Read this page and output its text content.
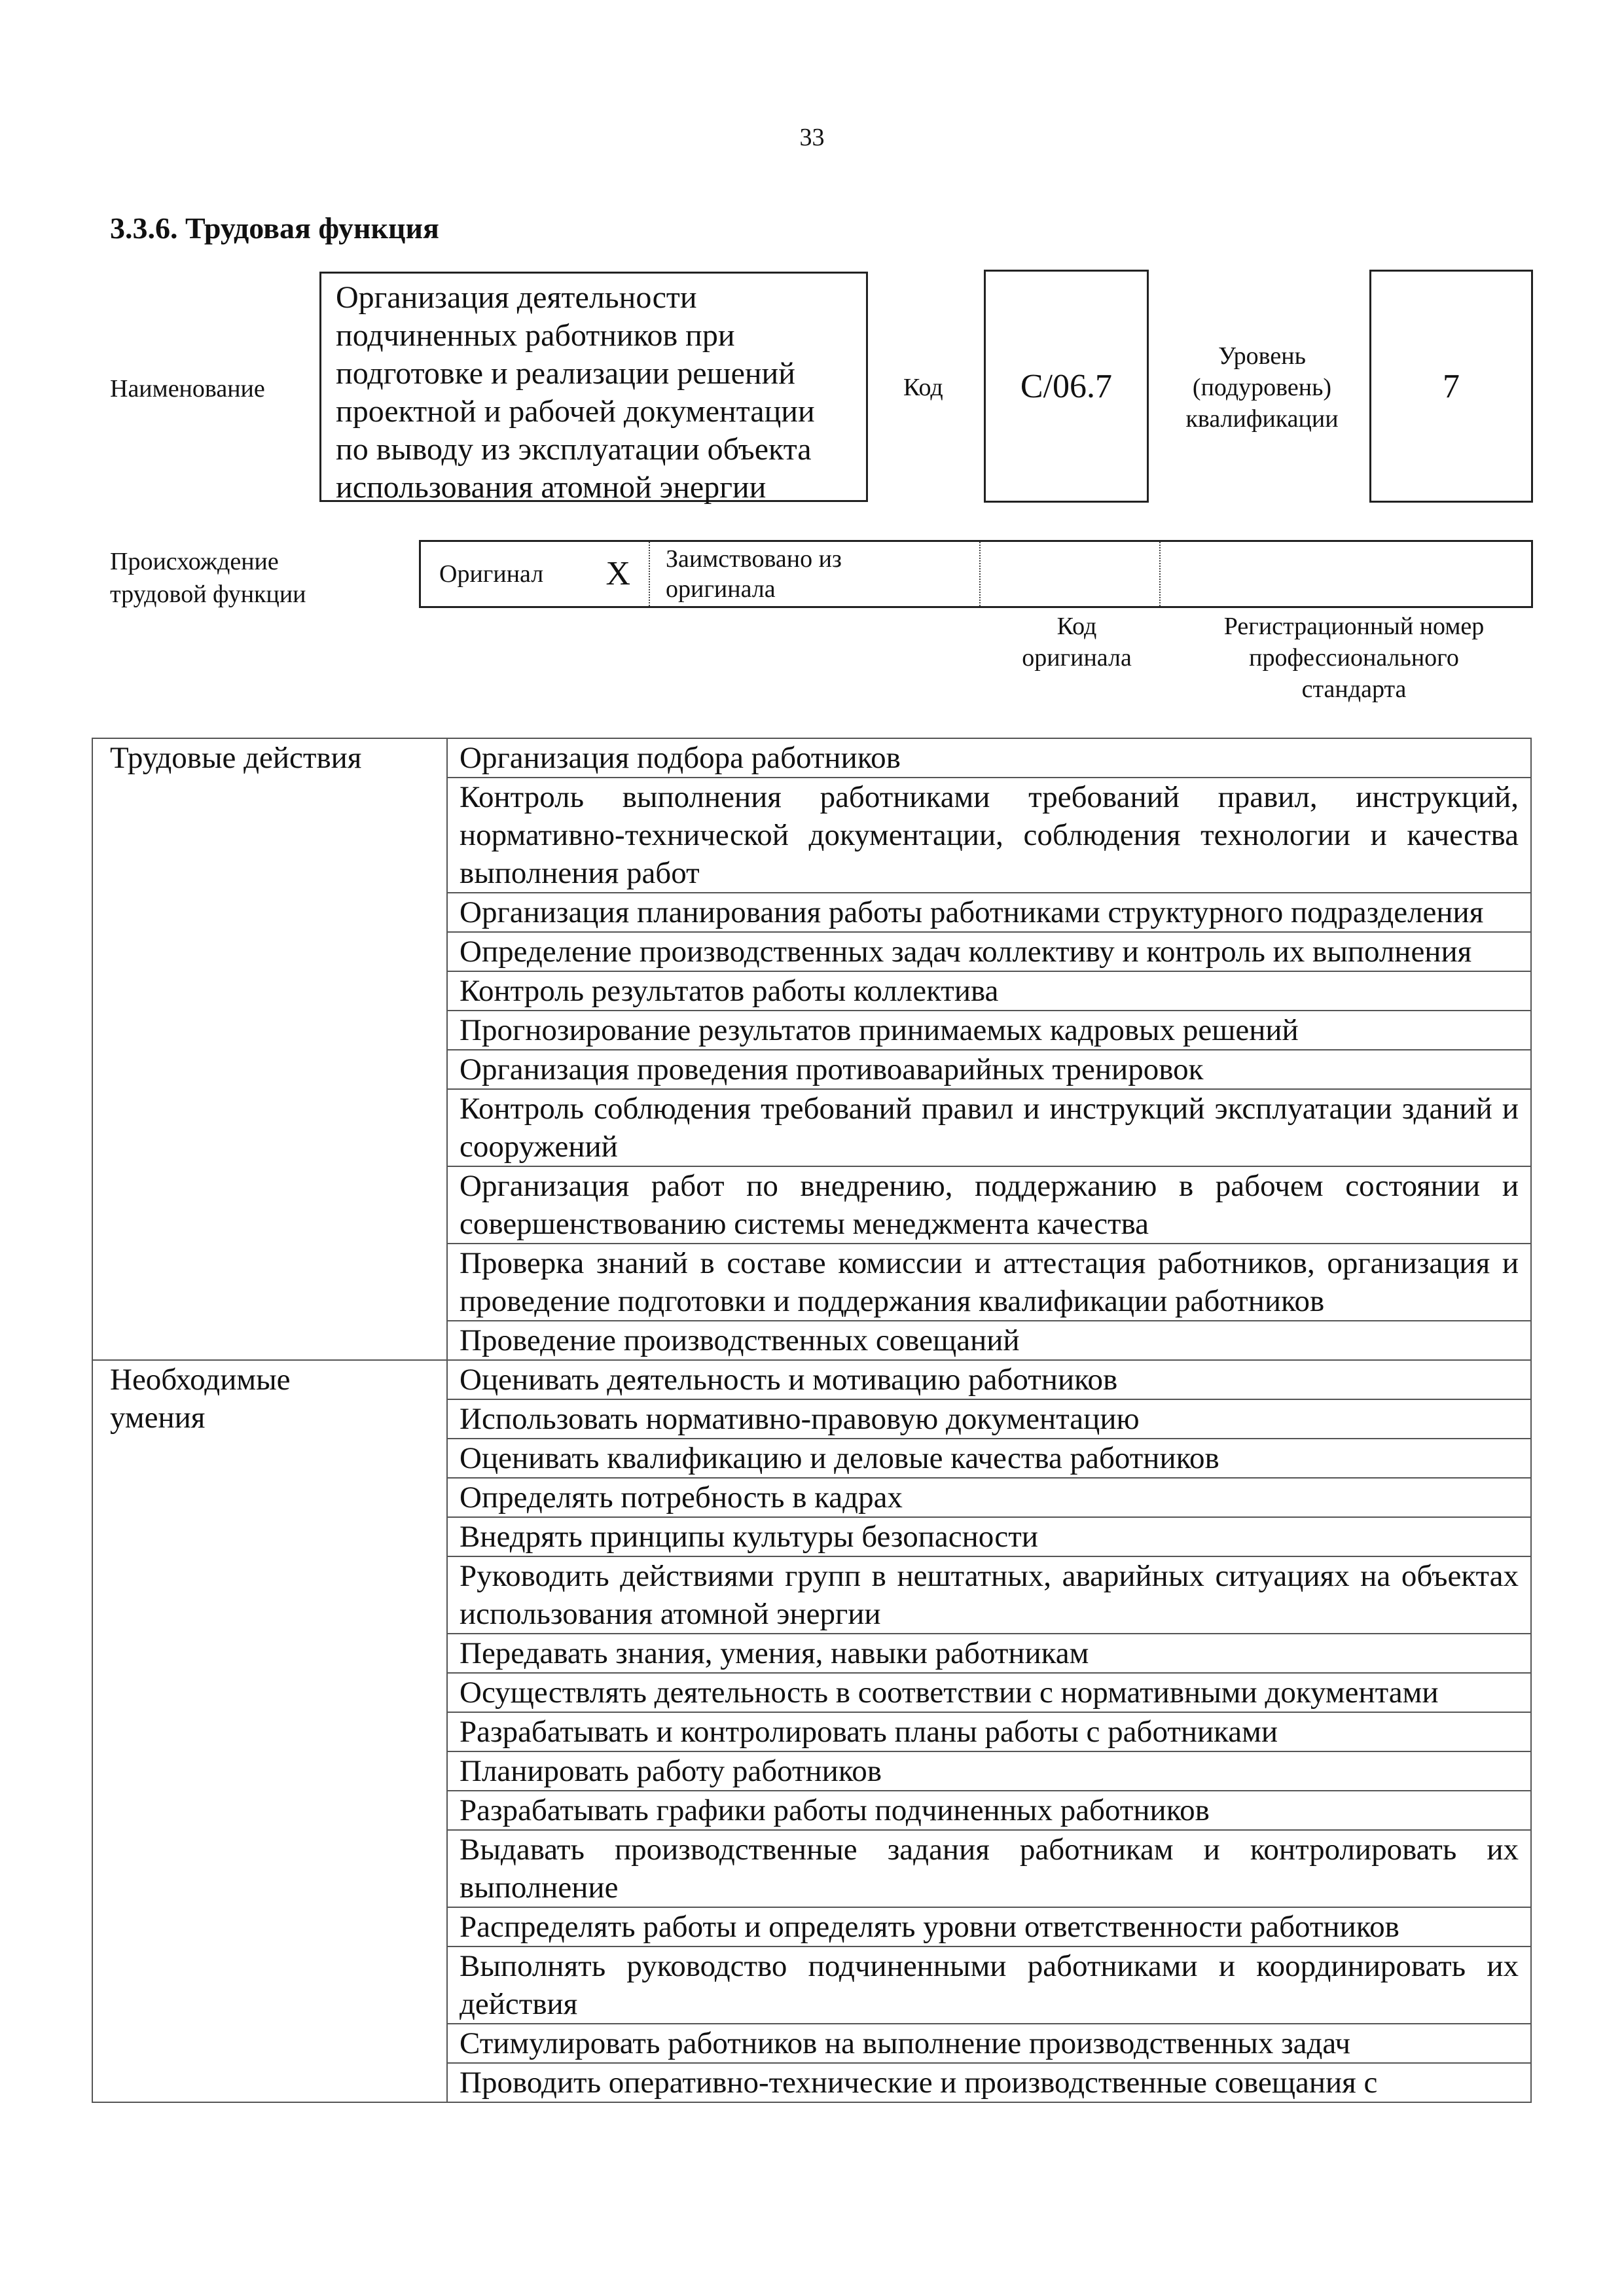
33
3.3.6. Трудовая функция
Наименование
Организация деятельности
подчиненных работников при
подготовке и реализации решений
проектной и рабочей документации
по выводу из эксплуатации объекта
использования атомной энергии
Код	C/06.7
Уровень
(подуровень)
квалификации
7
Происхождение
трудовой функции
Оригинал X Заимствовано из
оригинала
Код
оригинала
Регистрационный номер
профессионального
стандарта
Трудовые действия	Организация подбора работников
	Контроль выполнения работниками требований правил, инструкций, нормативно-технической документации, соблюдения технологии и качества выполнения работ
	Организация планирования работы работниками структурного подразделения
	Определение производственных задач коллективу и контроль их выполнения
	Контроль результатов работы коллектива
	Прогнозирование результатов принимаемых кадровых решений
	Организация проведения противоаварийных тренировок
	Контроль соблюдения требований правил и инструкций эксплуатации зданий и сооружений
	Организация работ по внедрению, поддержанию в рабочем состоянии и совершенствованию системы менеджмента качества
	Проверка знаний в составе комиссии и аттестация работников, организация и проведение подготовки и поддержания квалификации работников
	Проведение производственных совещаний

Необходимые
умения	Оценивать деятельность и мотивацию работников
	Использовать нормативно-правовую документацию
	Оценивать квалификацию и деловые качества работников
	Определять потребность в кадрах
	Внедрять принципы культуры безопасности
	Руководить действиями групп в нештатных, аварийных ситуациях на объектах использования атомной энергии
	Передавать знания, умения, навыки работникам
	Осуществлять деятельность в соответствии с нормативными документами
	Разрабатывать и контролировать планы работы с работниками
	Планировать работу работников
	Разрабатывать графики работы подчиненных работников
	Выдавать производственные задания работникам и контролировать их выполнение
	Распределять работы и определять уровни ответственности работников
	Выполнять руководство подчиненными работниками и координировать их действия
	Стимулировать работников на выполнение производственных задач
	Проводить оперативно-технические и производственные совещания с
